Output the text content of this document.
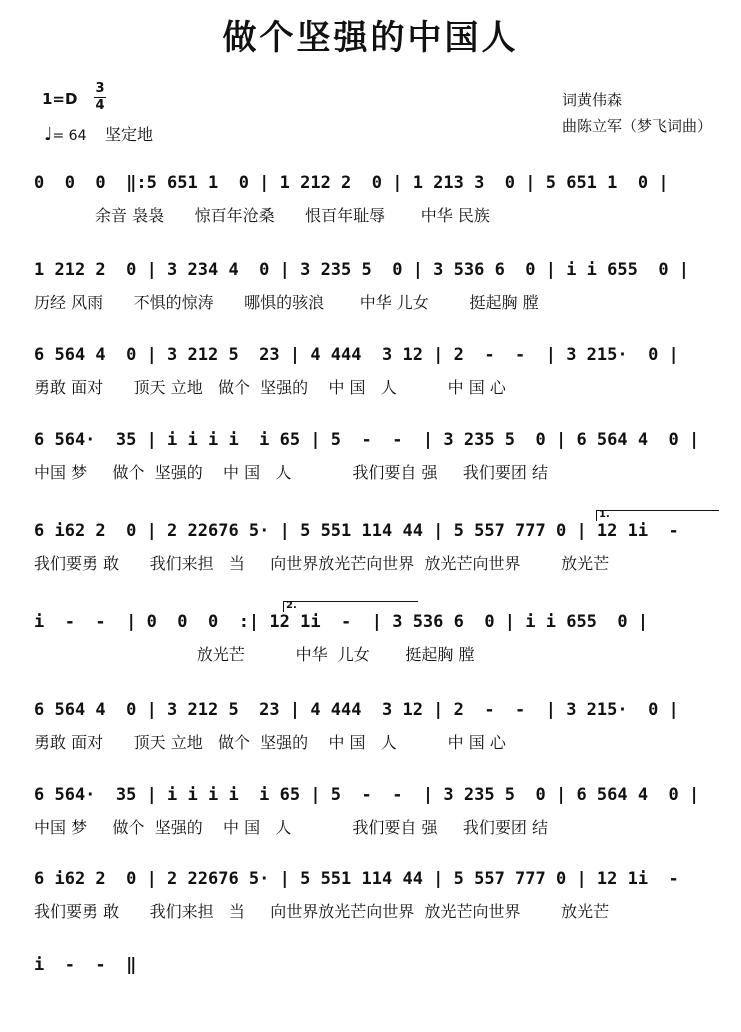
做个坚强的中国人
1=D
3
4
♩= 64 坚定地
词黄伟森
曲陈立军（梦飞词曲）
0  0  0  ‖:5 651 1  0 | 1 212 2  0 | 1 213 3  0 | 5 651 1  0 |
余音 袅袅      惊百年沧桑      恨百年耻辱       中华 民族
1 212 2  0 | 3 234 4  0 | 3 235 5  0 | 3 536 6  0 | i i 655  0 |
历经 风雨      不惧的惊涛      哪惧的骇浪       中华 儿女        挺起胸 膛
6 564 4  0 | 3 212 5  23 | 4 444  3 12 | 2  -  -  | 3 215·  0 |
勇敢 面对      顶天 立地   做个  坚强的    中 国   人          中 国 心
6 564·  35 | i i i i  i 65 | 5  -  -  | 3 235 5  0 | 6 564 4  0 |
中国 梦     做个  坚强的    中 国   人            我们要自 强     我们要团 结
1.
6 i62 2  0 | 2 22676 5· | 5 551 114 44 | 5 557 777 0 | 12 1i  -
我们要勇 敢      我们来担   当     向世界放光芒向世界  放光芒向世界        放光芒
2.
i  -  -  | 0  0  0  :| 12 1i  -  | 3 536 6  0 | i i 655  0 |
放光芒          中华  儿女       挺起胸 膛
6 564 4  0 | 3 212 5  23 | 4 444  3 12 | 2  -  -  | 3 215·  0 |
勇敢 面对      顶天 立地   做个  坚强的    中 国   人          中 国 心
6 564·  35 | i i i i  i 65 | 5  -  -  | 3 235 5  0 | 6 564 4  0 |
中国 梦     做个  坚强的    中 国   人            我们要自 强     我们要团 结
6 i62 2  0 | 2 22676 5· | 5 551 114 44 | 5 557 777 0 | 12 1i  -
我们要勇 敢      我们来担   当     向世界放光芒向世界  放光芒向世界        放光芒
i  -  -  ‖
